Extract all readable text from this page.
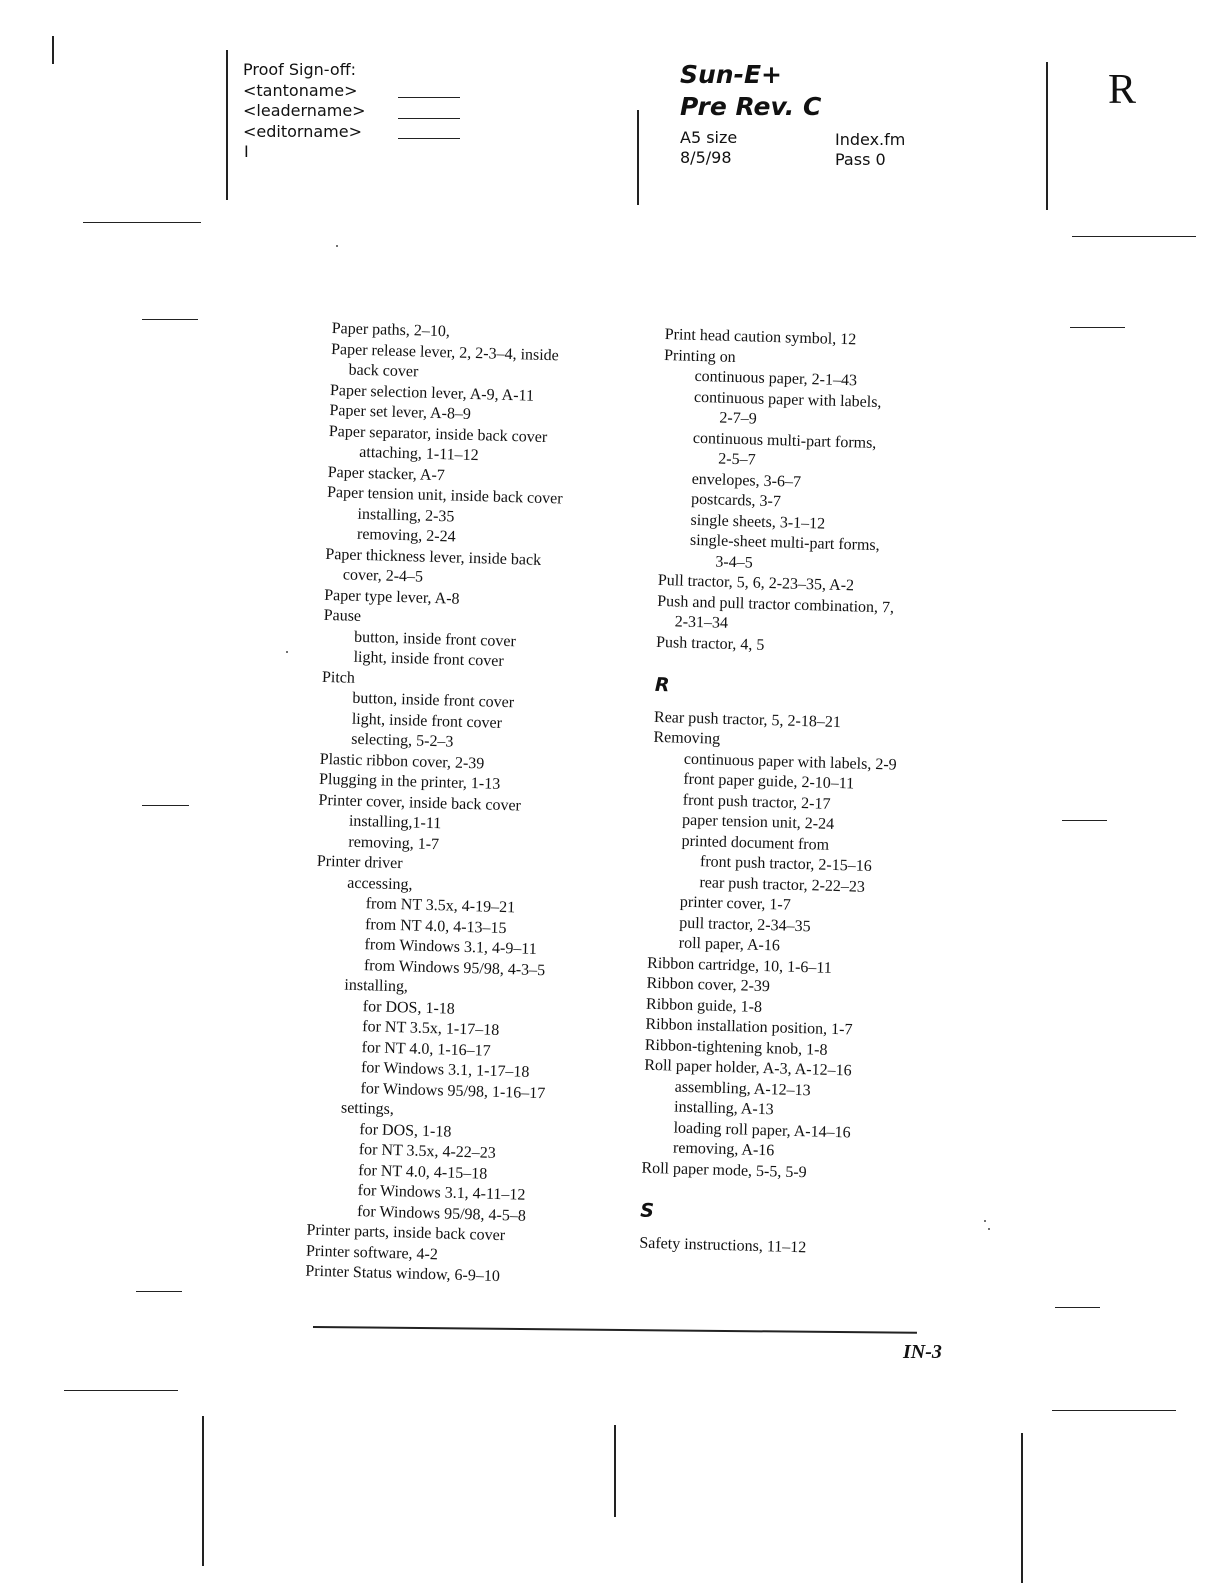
Proof Sign-off:
<tantoname>
<leadername>
<editorname>
I
Sun-E+
Pre Rev. C
A5 size
8/5/98
Index.fm
Pass 0
R
Paper paths, 2–10,
Paper release lever, 2, 2-3–4, inside
back cover
Paper selection lever, A-9, A-11
Paper set lever, A-8–9
Paper separator, inside back cover
attaching, 1-11–12
Paper stacker, A-7
Paper tension unit, inside back cover
installing, 2-35
removing, 2-24
Paper thickness lever, inside back
cover, 2-4–5
Paper type lever, A-8
Pause
button, inside front cover
light, inside front cover
Pitch
button, inside front cover
light, inside front cover
selecting, 5-2–3
Plastic ribbon cover, 2-39
Plugging in the printer, 1-13
Printer cover, inside back cover
installing,1-11
removing, 1-7
Printer driver
accessing,
from NT 3.5x, 4-19–21
from NT 4.0, 4-13–15
from Windows 3.1, 4-9–11
from Windows 95/98, 4-3–5
installing,
for DOS, 1-18
for NT 3.5x, 1-17–18
for NT 4.0, 1-16–17
for Windows 3.1, 1-17–18
for Windows 95/98, 1-16–17
settings,
for DOS, 1-18
for NT 3.5x, 4-22–23
for NT 4.0, 4-15–18
for Windows 3.1, 4-11–12
for Windows 95/98, 4-5–8
Printer parts, inside back cover
Printer software, 4-2
Printer Status window, 6-9–10
Print head caution symbol, 12
Printing on
continuous paper, 2-1–43
continuous paper with labels,
2-7–9
continuous multi-part forms,
2-5–7
envelopes, 3-6–7
postcards, 3-7
single sheets, 3-1–12
single-sheet multi-part forms,
3-4–5
Pull tractor, 5, 6, 2-23–35, A-2
Push and pull tractor combination, 7,
2-31–34
Push tractor, 4, 5
R
Rear push tractor, 5, 2-18–21
Removing
continuous paper with labels, 2-9
front paper guide, 2-10–11
front push tractor, 2-17
paper tension unit, 2-24
printed document from
front push tractor, 2-15–16
rear push tractor, 2-22–23
printer cover, 1-7
pull tractor, 2-34–35
roll paper, A-16
Ribbon cartridge, 10, 1-6–11
Ribbon cover, 2-39
Ribbon guide, 1-8
Ribbon installation position, 1-7
Ribbon-tightening knob, 1-8
Roll paper holder, A-3, A-12–16
assembling, A-12–13
installing, A-13
loading roll paper, A-14–16
removing, A-16
Roll paper mode, 5-5, 5-9
S
Safety instructions, 11–12
IN-3
